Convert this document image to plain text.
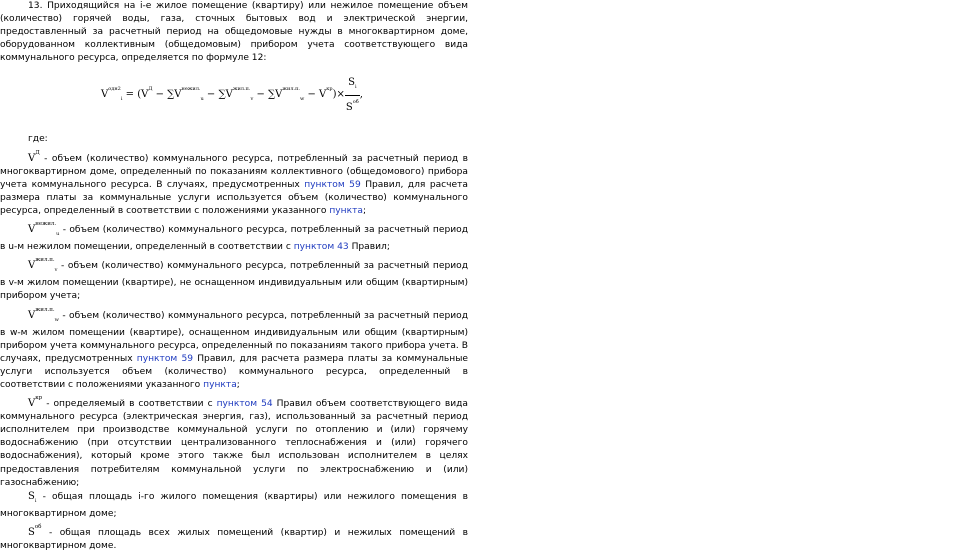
13. Приходящийся на i-е жилое помещение (квартиру) или нежилое помещение объем (количество) горячей воды, газа, сточных бытовых вод и электрической энергии, предоставленный за расчетный период на общедомовые нужды в многоквартирном доме, оборудованном коллективным (общедомовым) прибором учета соответствующего вида коммунального ресурса, определяется по формуле 12:

$V^{одн2}_i = (V^Д - \sum V^{нежил.}_u - \sum V^{жил.п.}_v - \sum V^{жил.п.}_w - V^{кр})\times \frac{S_i}{S^{об}}$ ,

где:

$V^Д$ - объем (количество) коммунального ресурса, потребленный за расчетный период в многоквартирном доме, определенный по показаниям коллективного (общедомового) прибора учета коммунального ресурса. В случаях, предусмотренных пунктом 59 Правил, для расчета размера платы за коммунальные услуги используется объем (количество) коммунального ресурса, определенный в соответствии с положениями указанного пункта;

$V^{нежил.}_u$ - объем (количество) коммунального ресурса, потребленный за расчетный период в u-м нежилом помещении, определенный в соответствии с пунктом 43 Правил;

$V^{жил.п.}_v$ - объем (количество) коммунального ресурса, потребленный за расчетный период в v-м жилом помещении (квартире), не оснащенном индивидуальным или общим (квартирным) прибором учета;

$V^{жил.п.}_w$ - объем (количество) коммунального ресурса, потребленный за расчетный период в w-м жилом помещении (квартире), оснащенном индивидуальным или общим (квартирным) прибором учета коммунального ресурса, определенный по показаниям такого прибора учета. В случаях, предусмотренных пунктом 59 Правил, для расчета размера платы за коммунальные услуги используется объем (количество) коммунального ресурса, определенный в соответствии с положениями указанного пункта;

$V^{кр}$ - определяемый в соответствии с пунктом 54 Правил объем соответствующего вида коммунального ресурса (электрическая энергия, газ), использованный за расчетный период исполнителем при производстве коммунальной услуги по отоплению и (или) горячему водоснабжению (при отсутствии централизованного теплоснабжения и (или) горячего водоснабжения), который кроме этого также был использован исполнителем в целях предоставления потребителям коммунальной услуги по электроснабжению и (или) газоснабжению;

$S_i$ - общая площадь i-го жилого помещения (квартиры) или нежилого помещения в многоквартирном доме;

$S^{об}$ - общая площадь всех жилых помещений (квартир) и нежилых помещений в многоквартирном доме.
